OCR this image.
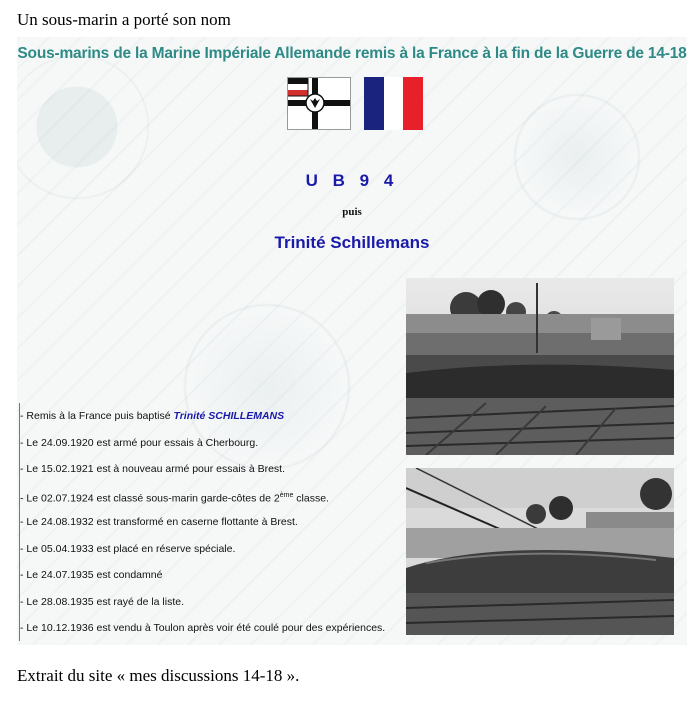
Un sous-marin a porté son nom
Sous-marins de la Marine Impériale Allemande remis à la France à la fin de la Guerre de 14-18
U B 9 4
puis
Trinité Schillemans
- Remis à la France puis baptisé Trinité SCHILLEMANS
- Le 24.09.1920 est armé pour essais à Cherbourg.
- Le 15.02.1921 est à nouveau armé pour essais à Brest.
- Le 02.07.1924 est classé sous-marin garde-côtes de 2ème classe.
- Le 24.08.1932 est transformé en caserne flottante à Brest.
- Le 05.04.1933 est placé en réserve spéciale.
- Le 24.07.1935 est condamné
- Le 28.08.1935 est rayé de la liste.
- Le 10.12.1936 est vendu à Toulon après voir été coulé pour des expériences.
Extrait du site « mes discussions 14-18 ».
